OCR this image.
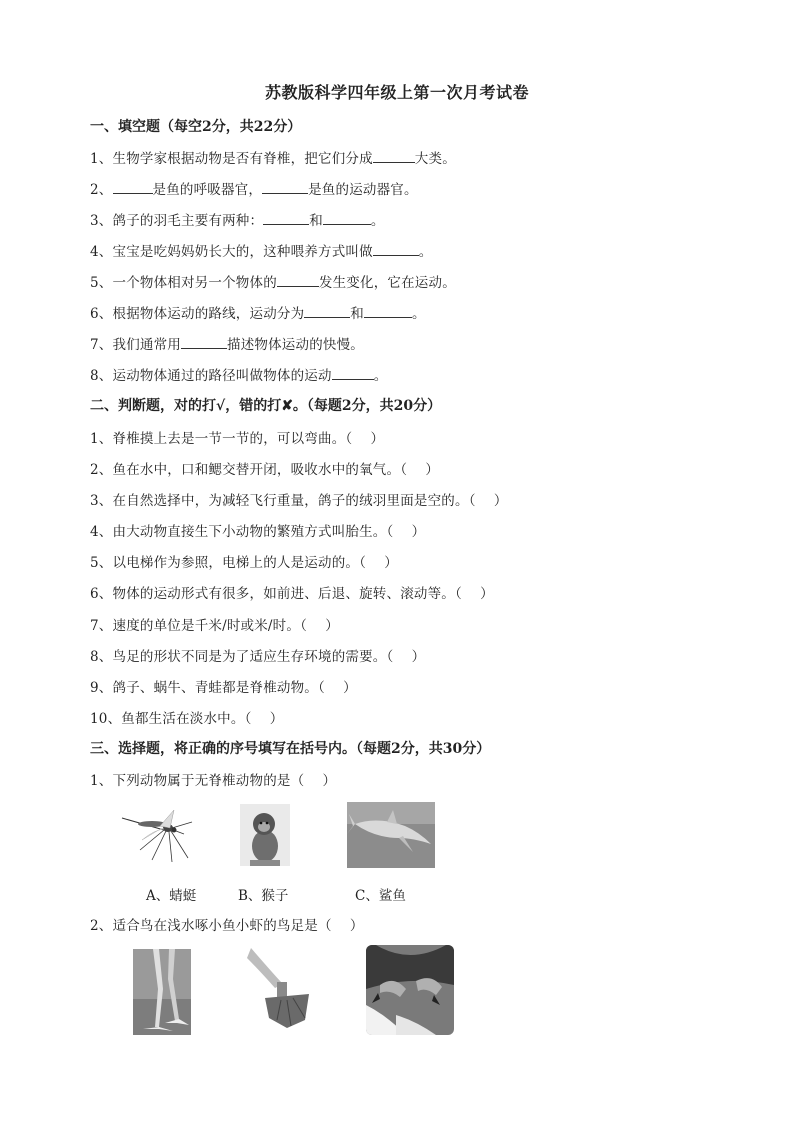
苏教版科学四年级上第一次月考试卷
一、填空题（每空2分，共22分）
1、生物学家根据动物是否有脊椎，把它们分成	大类。
2、	是鱼的呼吸器官，	是鱼的运动器官。
3、鸽子的羽毛主要有两种：	和	。
4、宝宝是吃妈妈奶长大的，这种喂养方式叫做	。
5、一个物体相对另一个物体的	发生变化，它在运动。
6、根据物体运动的路线，运动分为	和	。
7、我们通常用	描述物体运动的快慢。
8、运动物体通过的路径叫做物体的运动	。
二、判断题，对的打√，错的打✘。（每题2分，共20分）
1、脊椎摸上去是一节一节的，可以弯曲。（　 ）
2、鱼在水中，口和鳃交替开闭，吸收水中的氧气。（　 ）
3、在自然选择中，为减轻飞行重量，鸽子的绒羽里面是空的。（　 ）
4、由大动物直接生下小动物的繁殖方式叫胎生。（　 ）
5、以电梯作为参照，电梯上的人是运动的。（　 ）
6、物体的运动形式有很多，如前进、后退、旋转、滚动等。（　 ）
7、速度的单位是千米/时或米/时。（　 ）
8、鸟足的形状不同是为了适应生存环境的需要。（　 ）
9、鸽子、蜗牛、青蛙都是脊椎动物。（　 ）
10、鱼都生活在淡水中。（　 ）
三、选择题，将正确的序号填写在括号内。（每题2分，共30分）
1、下列动物属于无脊椎动物的是（　 ）
A、蜻蜓	B、猴子	C、鲨鱼
2、适合鸟在浅水啄小鱼小虾的鸟足是（　 ）
